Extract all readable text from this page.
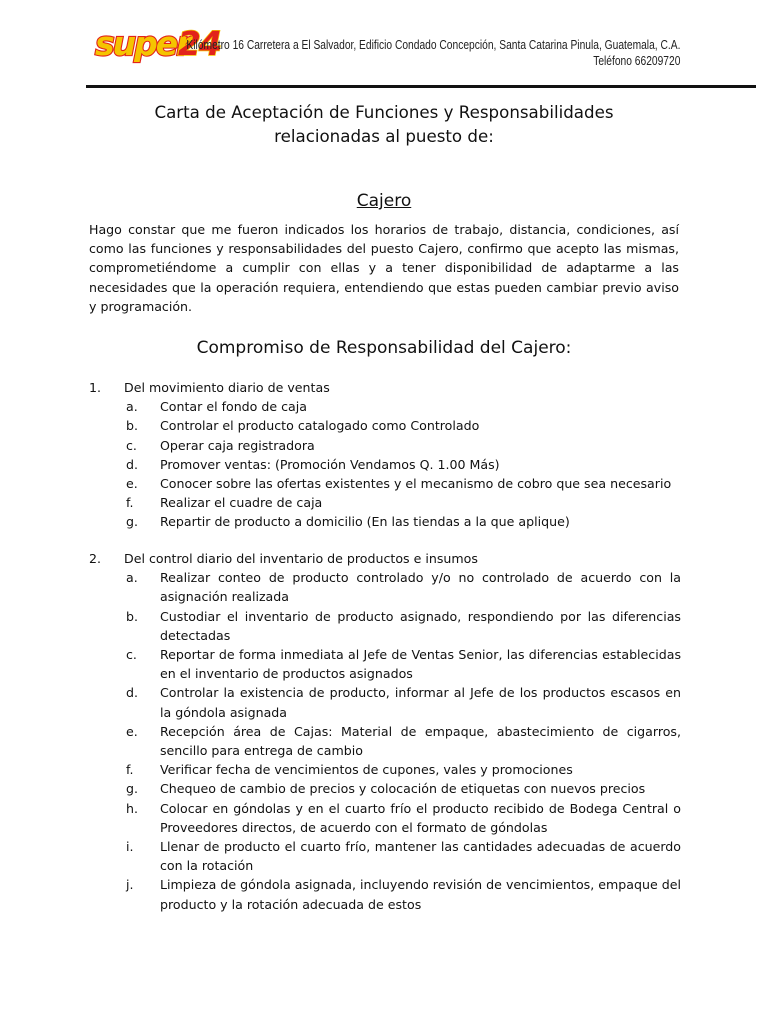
super
24
Kilómetro 16 Carretera a El Salvador, Edificio Condado Concepción, Santa Catarina Pinula, Guatemala, C.A.
Teléfono 66209720
Carta de Aceptación de Funciones y Responsabilidades
relacionadas al puesto de:
Cajero
Hago constar que me fueron indicados los horarios de trabajo, distancia, condiciones, así como las funciones y responsabilidades del puesto Cajero, confirmo que acepto las mismas, comprometiéndome a cumplir con ellas y a tener disponibilidad de adaptarme a las necesidades que la operación requiera, entendiendo que estas pueden cambiar previo aviso y programación.
Compromiso de Responsabilidad del Cajero:
1. Del movimiento diario de ventas
a. Contar el fondo de caja
b. Controlar el producto catalogado como Controlado
c. Operar caja registradora
d. Promover ventas: (Promoción Vendamos Q. 1.00 Más)
e. Conocer sobre las ofertas existentes y el mecanismo de cobro que sea necesario
f. Realizar el cuadre de caja
g. Repartir de producto a domicilio (En las tiendas a la que aplique)
2. Del control diario del inventario de productos e insumos
a. Realizar conteo de producto controlado y/o no controlado de acuerdo con la asignación realizada
b. Custodiar el inventario de producto asignado, respondiendo por las diferencias detectadas
c. Reportar de forma inmediata al Jefe de Ventas Senior, las diferencias establecidas en el inventario de productos asignados
d. Controlar la existencia de producto, informar al Jefe de los productos escasos en la góndola asignada
e. Recepción área de Cajas: Material de empaque, abastecimiento de cigarros, sencillo para entrega de cambio
f. Verificar fecha de vencimientos de cupones, vales y promociones
g. Chequeo de cambio de precios y colocación de etiquetas con nuevos precios
h. Colocar en góndolas y en el cuarto frío el producto recibido de Bodega Central o Proveedores directos, de acuerdo con el formato de góndolas
i. Llenar de producto el cuarto frío, mantener las cantidades adecuadas de acuerdo con la rotación
j. Limpieza de góndola asignada, incluyendo revisión de vencimientos, empaque del producto y la rotación adecuada de estos
